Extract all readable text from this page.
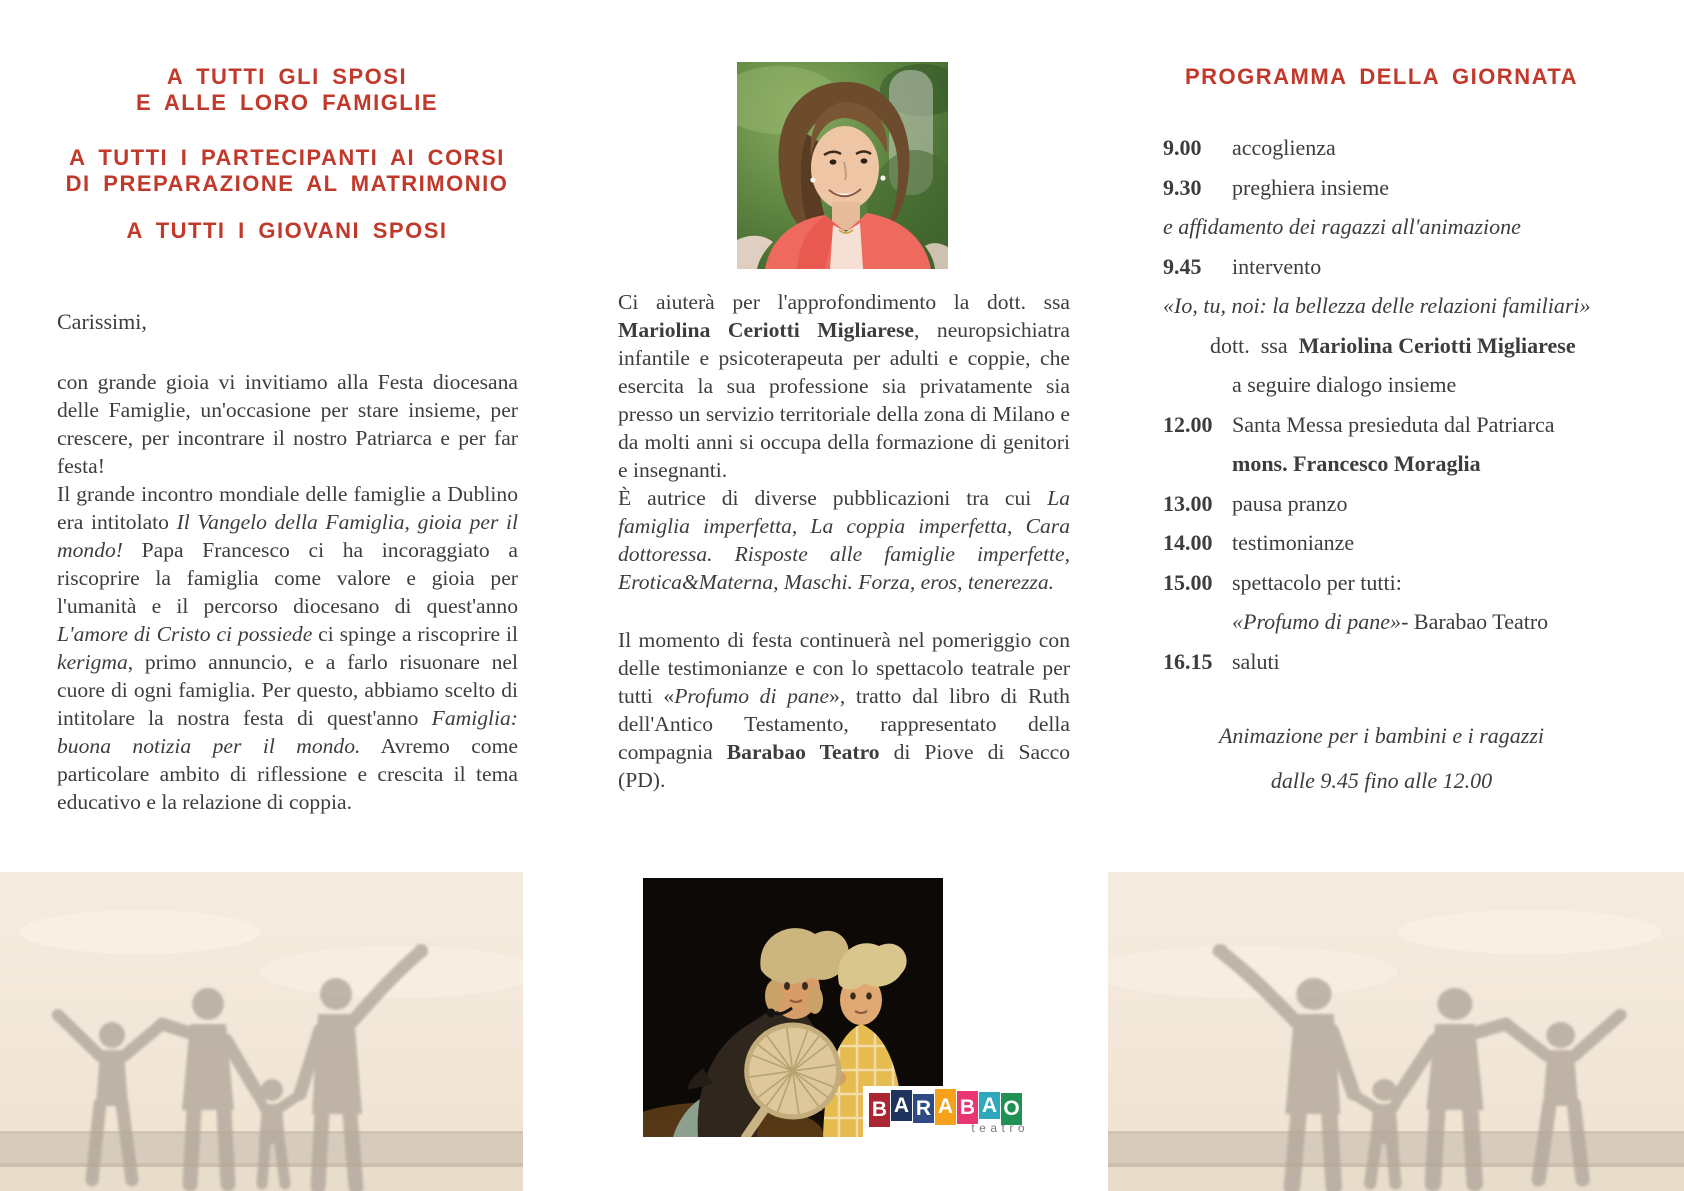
A TUTTI GLI SPOSI
E ALLE LORO FAMIGLIE
A TUTTI I PARTECIPANTI AI CORSI
DI PREPARAZIONE AL MATRIMONIO
A TUTTI I GIOVANI SPOSI
Carissimi,
con grande gioia vi invitiamo alla Festa diocesana delle Famiglie, un'occasione per stare insieme, per crescere, per incontrare il nostro Patriarca e per far festa!
Il grande incontro mondiale delle famiglie a Dublino era intitolato Il Vangelo della Famiglia, gioia per il mondo! Papa Francesco ci ha incoraggiato a riscoprire la famiglia come valore e gioia per l'umanità e il percorso diocesano di quest'anno L'amore di Cristo ci possiede ci spinge a riscoprire il kerigma, primo annuncio, e a farlo risuonare nel cuore di ogni famiglia. Per questo, abbiamo scelto di intitolare la nostra festa di quest'anno Famiglia: buona notizia per il mondo. Avremo come particolare ambito di riflessione e crescita il tema educativo e la relazione di coppia.
Ci aiuterà per l'approfondimento la dott. ssa Mariolina Ceriotti Migliarese, neuropsichiatra infantile e psicoterapeuta per adulti e coppie, che esercita la sua professione sia privatamente sia presso un servizio territoriale della zona di Milano e da molti anni si occupa della formazione di genitori e insegnanti.
È autrice di diverse pubblicazioni tra cui La famiglia imperfetta, La coppia imperfetta, Cara dottoressa. Risposte alle famiglie imperfette, Erotica&Materna, Maschi. Forza, eros, tenerezza.
Il momento di festa continuerà nel pomeriggio con delle testimonianze e con lo spettacolo teatrale per tutti «Profumo di pane», tratto dal libro di Ruth dell'Antico Testamento, rappresentato della compagnia Barabao Teatro di Piove di Sacco (PD).
B A R A B A O
teatro
PROGRAMMA DELLA GIORNATA
9.00	accoglienza
9.30	preghiera insieme
e affidamento dei ragazzi all'animazione
9.45	intervento
«Io, tu, noi: la bellezza delle relazioni familiari»
dott.  ssa Mariolina Ceriotti Migliarese
a seguire dialogo insieme
12.00 Santa Messa presieduta dal Patriarca
mons. Francesco Moraglia
13.00 pausa pranzo
14.00 testimonianze
15.00 spettacolo per tutti:
«Profumo di pane» - Barabao Teatro
16.15 saluti
Animazione per i bambini e i ragazzi
dalle 9.45 fino alle 12.00
